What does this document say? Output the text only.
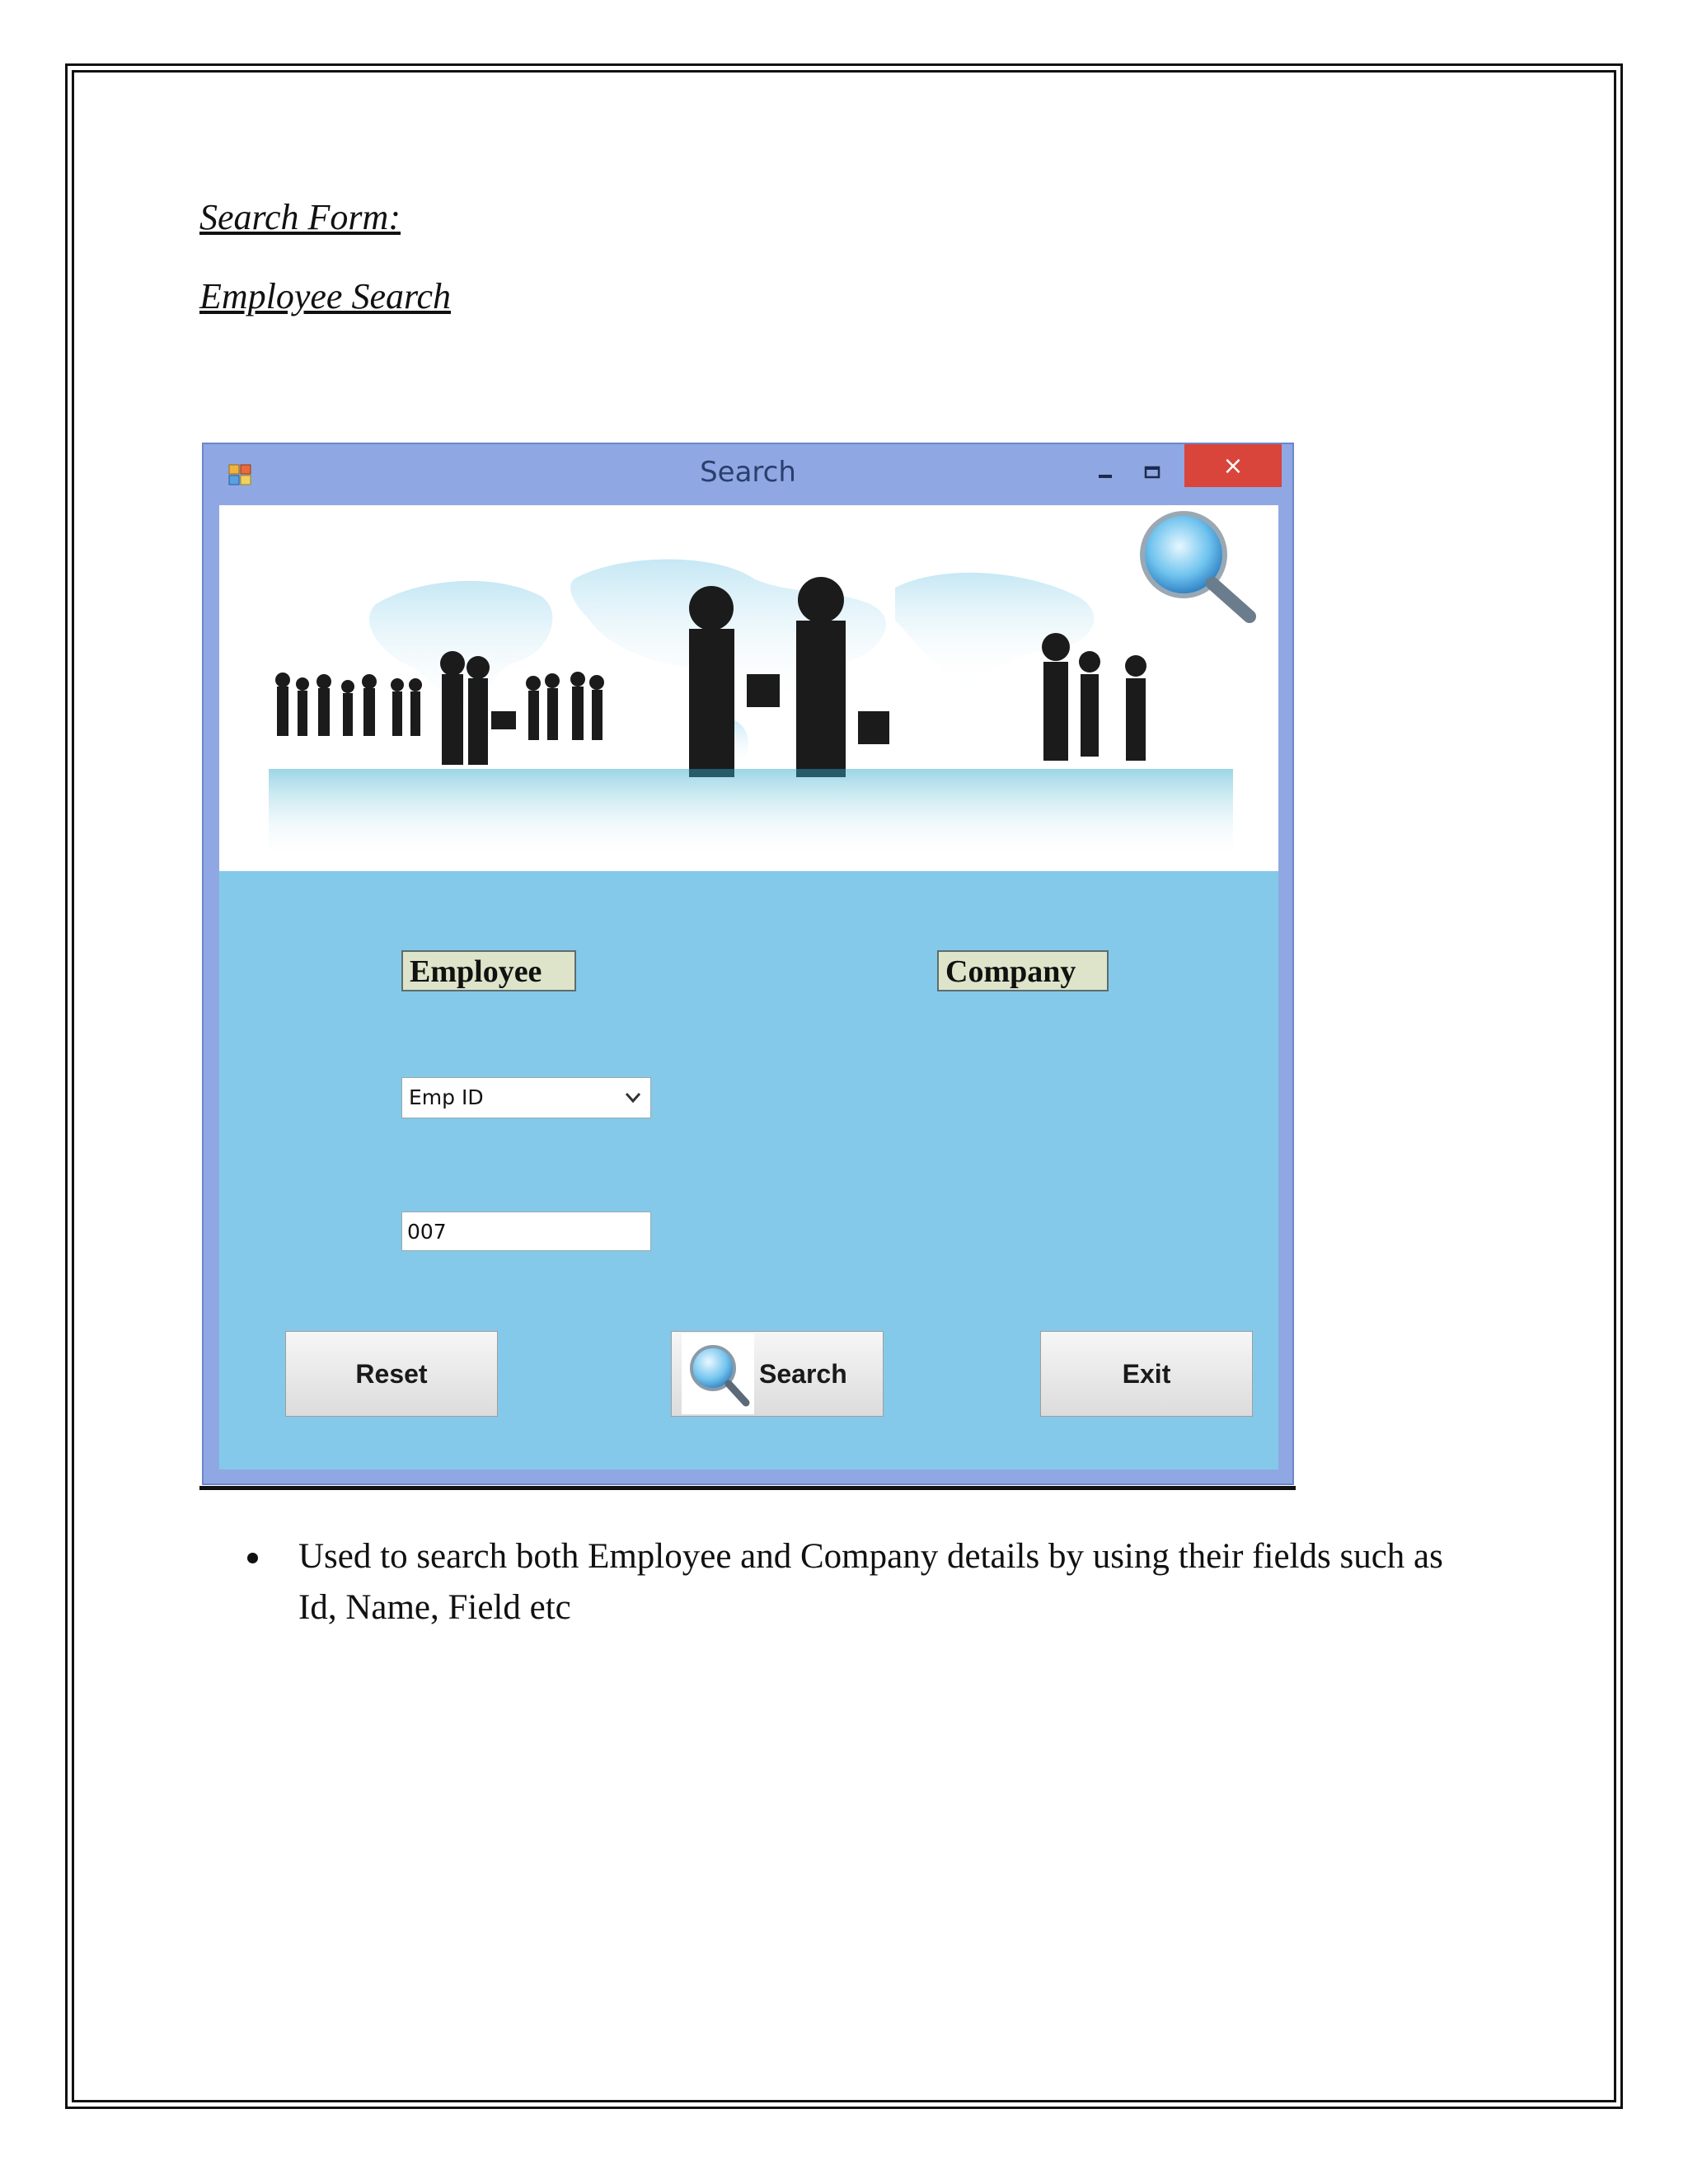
Search Form:
Employee Search
Search	×
Employee	Company
Emp ID
007
Reset	Search	Exit
Used to search both Employee and Company details by using their fields such as Id, Name, Field etc
